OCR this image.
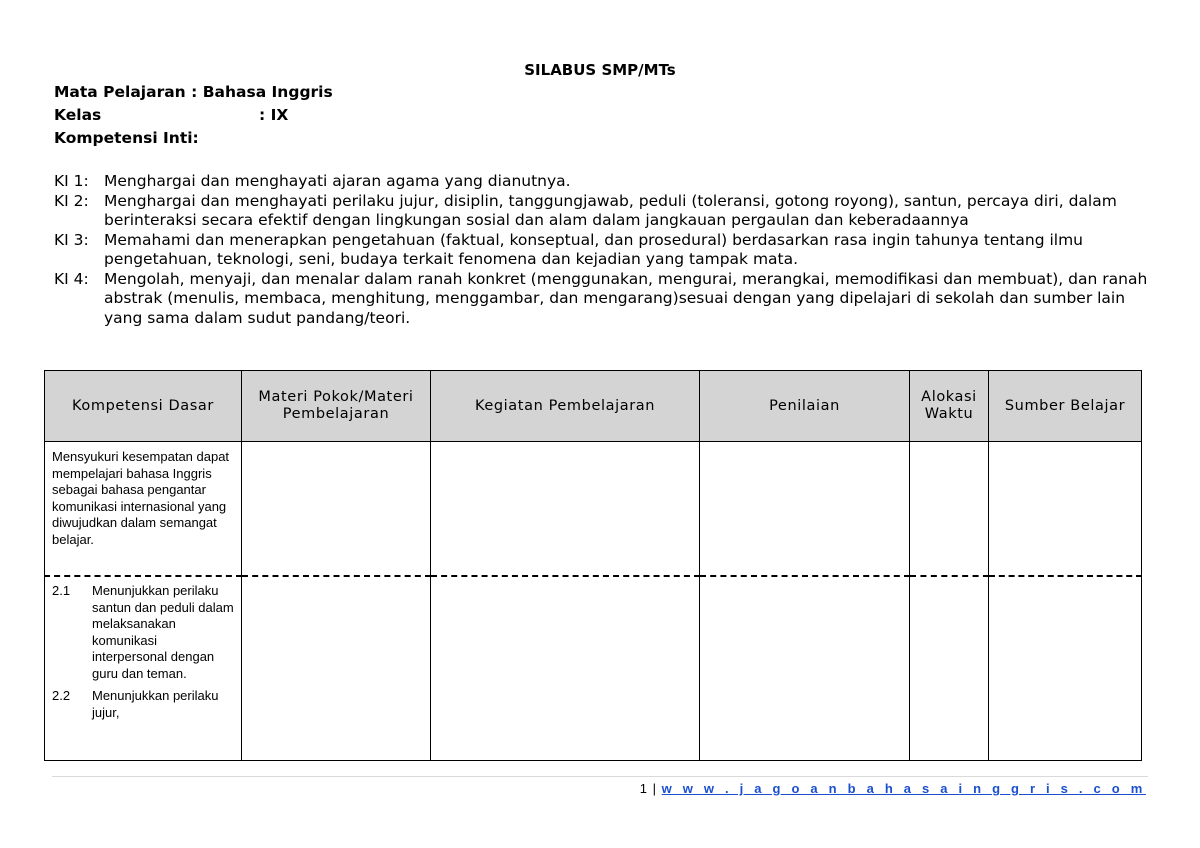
SILABUS SMP/MTs
Mata Pelajaran : Bahasa Inggris
Kelas	: IX
Kompetensi Inti:
KI 1: Menghargai dan menghayati ajaran agama yang dianutnya.
KI 2: Menghargai dan menghayati perilaku jujur, disiplin, tanggungjawab, peduli (toleransi, gotong royong), santun, percaya diri, dalam berinteraksi secara efektif dengan lingkungan sosial dan alam dalam jangkauan pergaulan dan keberadaannya
KI 3: Memahami dan menerapkan pengetahuan (faktual, konseptual, dan prosedural) berdasarkan rasa ingin tahunya tentang ilmu pengetahuan, teknologi, seni, budaya terkait fenomena dan kejadian yang tampak mata.
KI 4: Mengolah, menyaji, dan menalar dalam ranah konkret (menggunakan, mengurai, merangkai, memodifikasi dan membuat), dan ranah abstrak (menulis, membaca, menghitung, menggambar, dan mengarang)sesuai dengan yang dipelajari di sekolah dan sumber lain yang sama dalam sudut pandang/teori.
Kompetensi Dasar	Materi Pokok/Materi Pembelajaran	Kegiatan Pembelajaran	Penilaian	Alokasi Waktu	Sumber Belajar

Mensyukuri kesempatan dapat mempelajari bahasa Inggris sebagai bahasa pengantar komunikasi internasional yang diwujudkan dalam semangat belajar.					

2.1 Menunjukkan perilaku santun dan peduli dalam melaksanakan komunikasi interpersonal dengan guru dan teman.
2.2 Menunjukkan perilaku jujur,					

1 | w w w . j a g o a n b a h a s a i n g g r i s . c o m
